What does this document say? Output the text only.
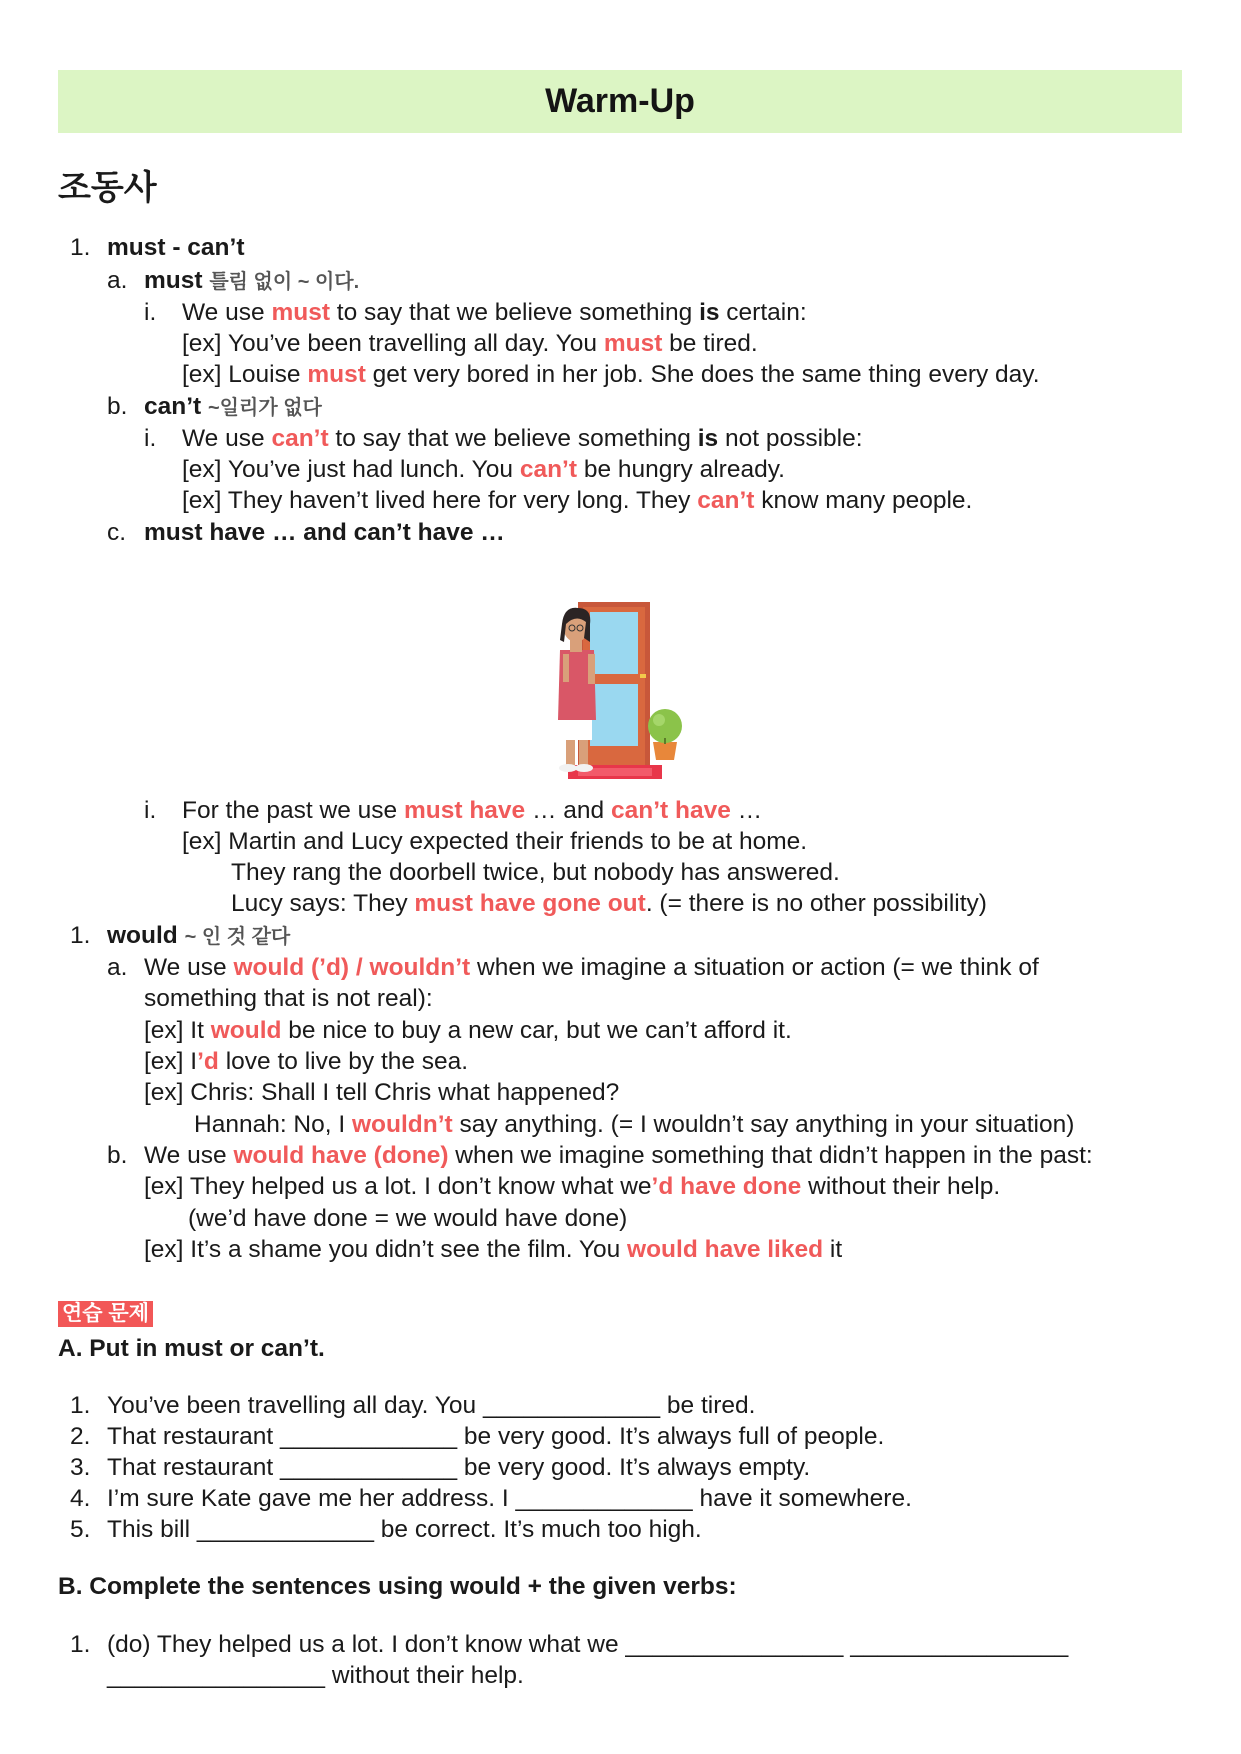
Warm-Up
조동사
1. must - can’t
a. must 틀림 없이 ~ 이다.
i. We use must to say that we believe something is certain:
[ex] You’ve been travelling all day. You must be tired.
[ex] Louise must get very bored in her job. She does the same thing every day.
b. can’t ~일리가 없다
i. We use can’t to say that we believe something is not possible:
[ex] You’ve just had lunch. You can’t be hungry already.
[ex] They haven’t lived here for very long. They can’t know many people.
c. must have … and can’t have …
i. For the past we use must have … and can’t have …
[ex] Martin and Lucy expected their friends to be at home.
They rang the doorbell twice, but nobody has answered.
Lucy says: They must have gone out. (= there is no other possibility)
1. would ~ 인 것 같다
a. We use would (’d) / wouldn’t when we imagine a situation or action (= we think of
something that is not real):
[ex] It would be nice to buy a new car, but we can’t afford it.
[ex] I’d love to live by the sea.
[ex] Chris: Shall I tell Chris what happened?
Hannah: No, I wouldn’t say anything. (= I wouldn’t say anything in your situation)
b. We use would have (done) when we imagine something that didn’t happen in the past:
[ex] They helped us a lot. I don’t know what we’d have done without their help.
(we’d have done = we would have done)
[ex] It’s a shame you didn’t see the film. You would have liked it
연습 문제
A. Put in must or can’t.
1. You’ve been travelling all day. You _____________ be tired.
2. That restaurant _____________ be very good. It’s always full of people.
3. That restaurant _____________ be very good. It’s always empty.
4. I’m sure Kate gave me her address. I _____________ have it somewhere.
5. This bill _____________ be correct. It’s much too high.
B. Complete the sentences using would + the given verbs:
1. (do) They helped us a lot. I don’t know what we ________________ ________________
________________ without their help.
